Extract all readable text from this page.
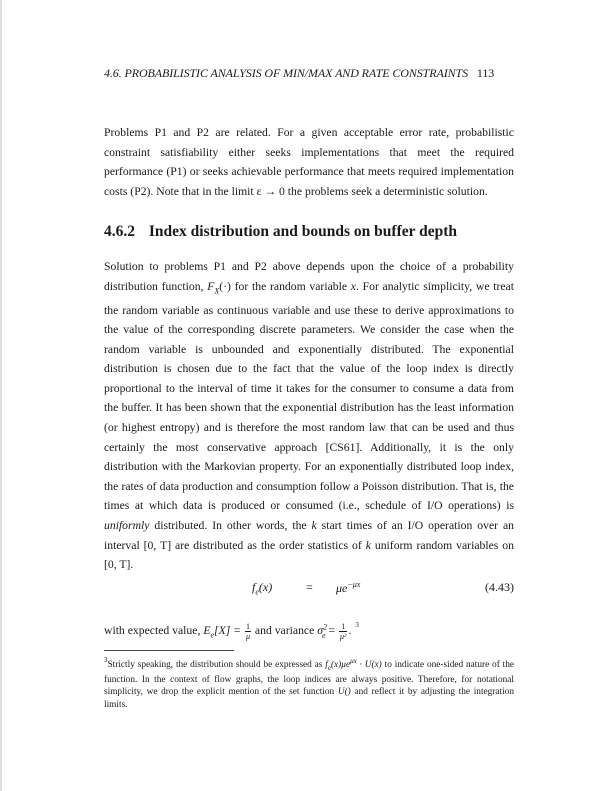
4.6. PROBABILISTIC ANALYSIS OF MIN/MAX AND RATE CONSTRAINTS 113

Problems P1 and P2 are related. For a given acceptable error rate, probabilistic constraint satisfiability either seeks implementations that meet the required performance (P1) or seeks achievable performance that meets required implementation costs (P2). Note that in the limit ε → 0 the problems seek a deterministic solution.

4.6.2 Index distribution and bounds on buffer depth

Solution to problems P1 and P2 above depends upon the choice of a probability distribution function, $F_X(\cdot)$ for the random variable x. For analytic simplicity, we treat the random variable as continuous variable and use these to derive approximations to the value of the corresponding discrete parameters. We consider the case when the random variable is unbounded and exponentially distributed. The exponential distribution is chosen due to the fact that the value of the loop index is directly proportional to the interval of time it takes for the consumer to consume a data from the buffer. It has been shown that the exponential distribution has the least information (or highest entropy) and is therefore the most random law that can be used and thus certainly the most conservative approach [CS61]. Additionally, it is the only distribution with the Markovian property. For an exponentially distributed loop index, the rates of data production and consumption follow a Poisson distribution. That is, the times at which data is produced or consumed (i.e., schedule of I/O operations) is uniformly distributed. In other words, the k start times of an I/O operation over an interval [0, T] are distributed as the order statistics of k uniform random variables on [0, T].

$f_e(x)$	= $\mu e^{-\mu x}$	(4.43)
with expected value, $E_e[X] = \frac{1}{\mu}$ and variance $\sigma^2_e = \frac{1}{\text{μ²}}$ . $^3$

$^3$Strictly speaking, the distribution should be expressed as $f_e(x)\mu e^{\mu x} \cdot U(x)$ to indicate one-sided nature of the function. In the context of flow graphs, the loop indices are always positive. Therefore, for notational simplicity, we drop the explicit mention of the set function U() and reflect it by adjusting the integration limits.
